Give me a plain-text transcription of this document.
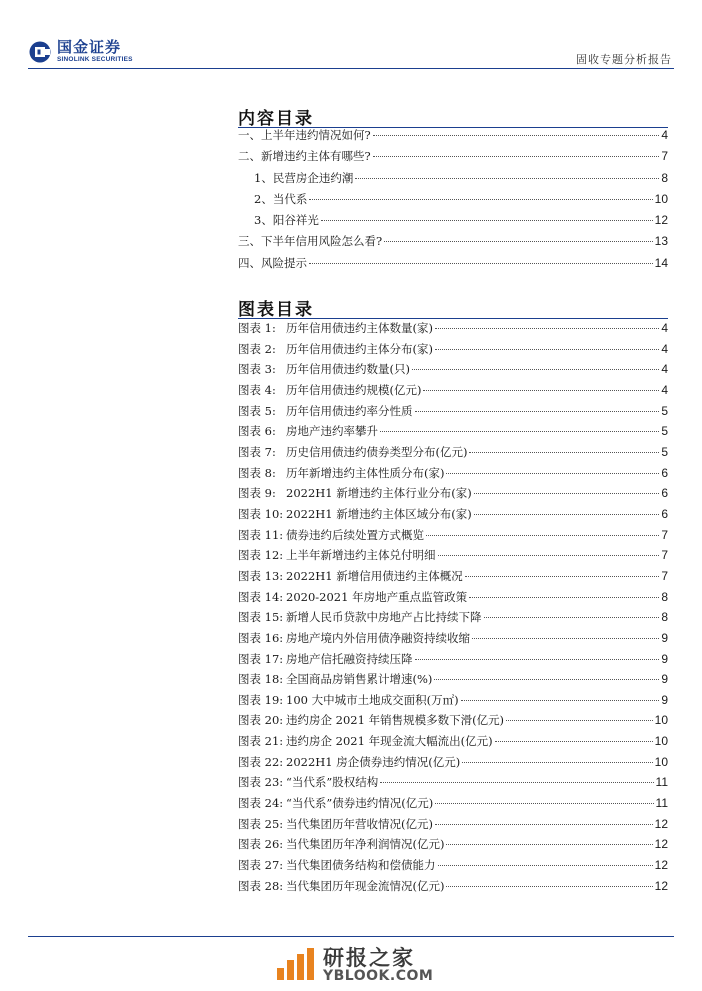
国金证券
SINOLINK SECURITIES	固收专题分析报告
内容目录
一、上半年违约情况如何?	4
二、新增违约主体有哪些?	7
1、民营房企违约潮	8
2、当代系	10
3、阳谷祥光	12
三、下半年信用风险怎么看?	13
四、风险提示	14
图表目录
图表 1: 历年信用债违约主体数量(家)	4
图表 2: 历年信用债违约主体分布(家)	4
图表 3: 历年信用债违约数量(只)	4
图表 4: 历年信用债违约规模(亿元)	4
图表 5: 历年信用债违约率分性质	5
图表 6: 房地产违约率攀升	5
图表 7: 历史信用债违约债券类型分布(亿元)	5
图表 8: 历年新增违约主体性质分布(家)	6
图表 9: 2022H1 新增违约主体行业分布(家)	6
图表 10: 2022H1 新增违约主体区域分布(家)	6
图表 11: 债券违约后续处置方式概览	7
图表 12: 上半年新增违约主体兑付明细	7
图表 13: 2022H1 新增信用债违约主体概况	7
图表 14: 2020-2021 年房地产重点监管政策	8
图表 15: 新增人民币贷款中房地产占比持续下降	8
图表 16: 房地产境内外信用债净融资持续收缩	9
图表 17: 房地产信托融资持续压降	9
图表 18: 全国商品房销售累计增速(%)	9
图表 19: 100 大中城市土地成交面积(万㎡)	9
图表 20: 违约房企 2021 年销售规模多数下滑(亿元)	10
图表 21: 违约房企 2021 年现金流大幅流出(亿元)	10
图表 22: 2022H1 房企债券违约情况(亿元)	10
图表 23: “当代系”股权结构	11
图表 24: “当代系”债券违约情况(亿元)	11
图表 25: 当代集团历年营收情况(亿元)	12
图表 26: 当代集团历年净利润情况(亿元)	12
图表 27: 当代集团债务结构和偿债能力	12
图表 28: 当代集团历年现金流情况(亿元)	12
研报之家
YBLOOK.COM
